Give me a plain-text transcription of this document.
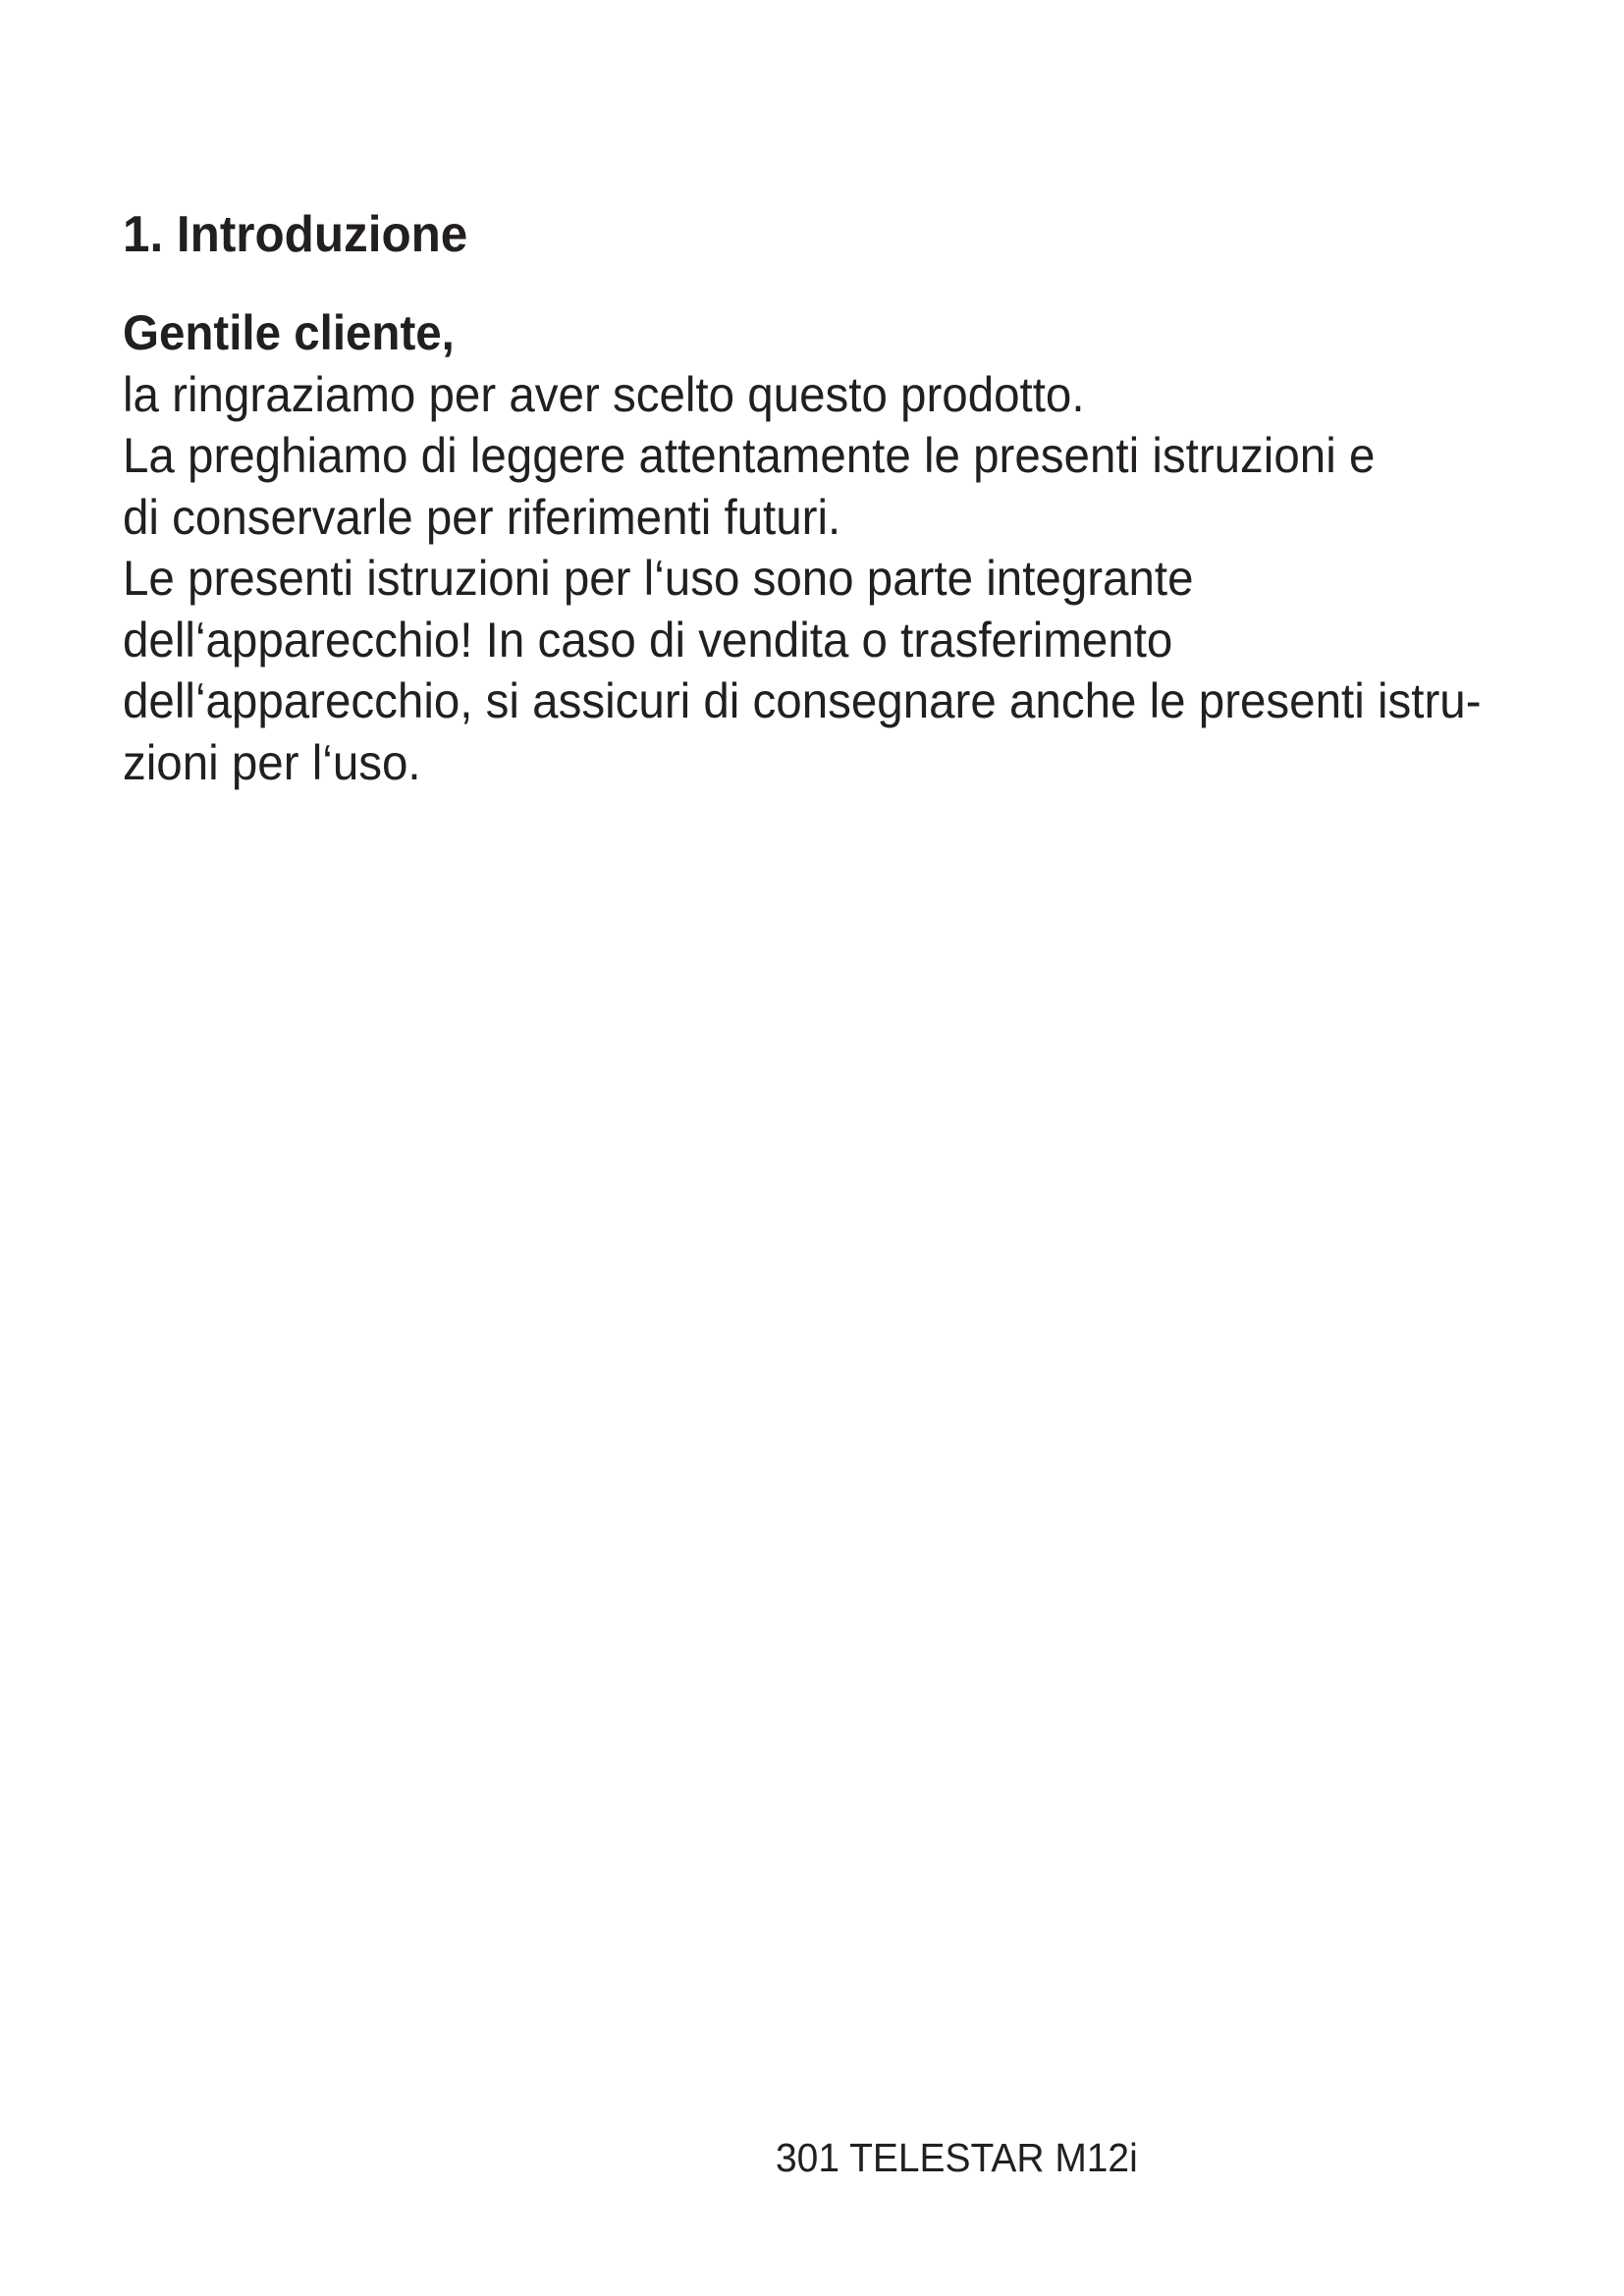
1. Introduzione

Gentile cliente,

la ringraziamo per aver scelto questo prodotto.

La preghiamo di leggere attentamente le presenti istruzioni e

di conservarle per riferimenti futuri.

Le presenti istruzioni per l‘uso sono parte integrante

dell‘apparecchio! In caso di vendita o trasferimento

dell‘apparecchio, si assicuri di consegnare anche le presenti istru-

zioni per l‘uso.

301 TELESTAR M12i
